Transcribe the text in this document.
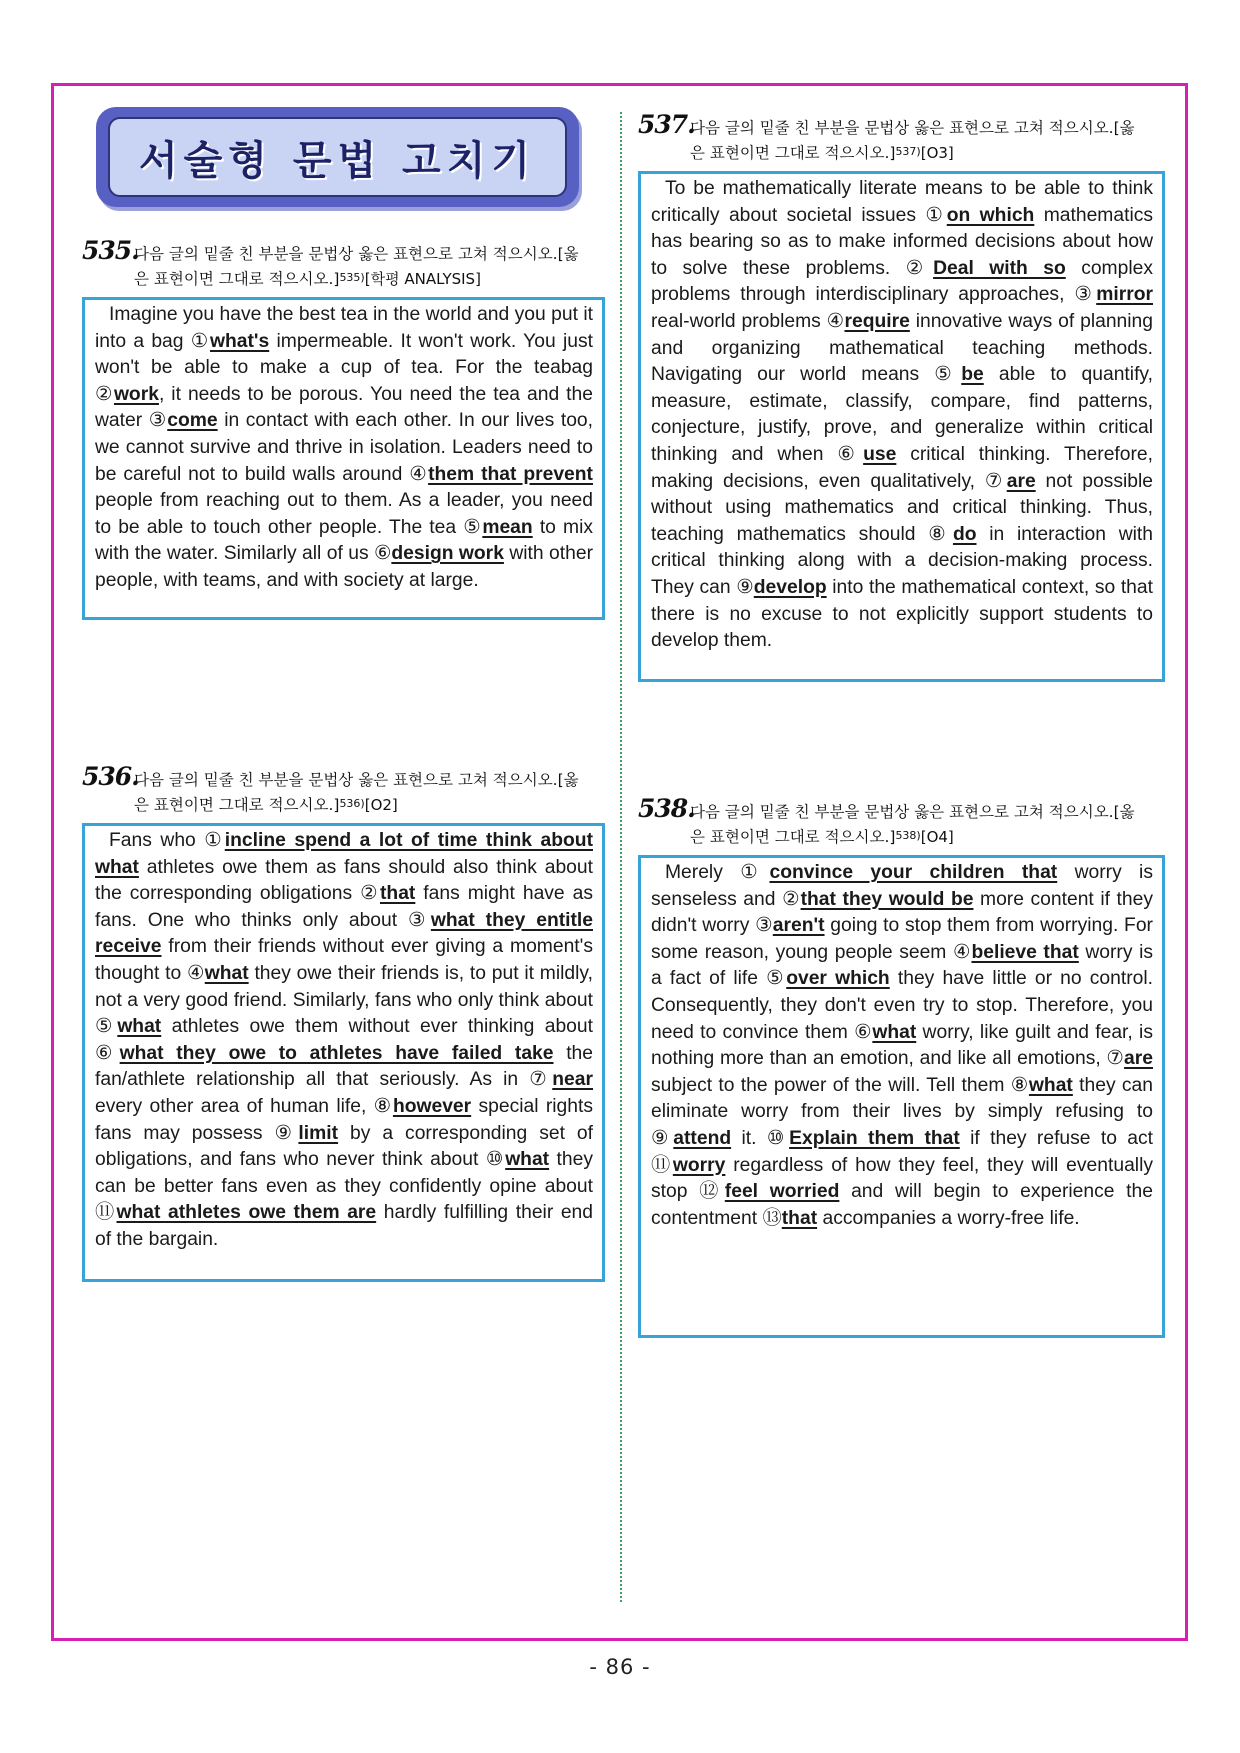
서술형 문법 고치기
535.
다음 글의 밑줄 친 부분을 문법상 옳은 표현으로 고쳐 적으시오.[옳
은 표현이면 그대로 적으시오.]$^{535)}$[학평 ANALYSIS]
Imagine you have the best tea in the world and you put it into a bag ①what's impermeable. It won't work. You just won't be able to make a cup of tea. For the teabag ②work, it needs to be porous. You need the tea and the water ③come in contact with each other. In our lives too, we cannot survive and thrive in isolation. Leaders need to be careful not to build walls around ④them that prevent people from reaching out to them. As a leader, you need to be able to touch other people. The tea ⑤mean to mix with the water. Similarly all of us ⑥design work with other people, with teams, and with society at large.
536.
다음 글의 밑줄 친 부분을 문법상 옳은 표현으로 고쳐 적으시오.[옳
은 표현이면 그대로 적으시오.]$^{536)}$[O2]
Fans who ①incline spend a lot of time think about what athletes owe them as fans should also think about the corresponding obligations ②that fans might have as fans. One who thinks only about ③what they entitle receive from their friends without ever giving a moment's thought to ④what they owe their friends is, to put it mildly, not a very good friend. Similarly, fans who only think about ⑤what athletes owe them without ever thinking about ⑥what they owe to athletes have failed take the fan/athlete relationship all that seriously. As in ⑦near every other area of human life, ⑧however special rights fans may possess ⑨limit by a corresponding set of obligations, and fans who never think about ⑩what they can be better fans even as they confidently opine about ⑪what athletes owe them are hardly fulfilling their end of the bargain.
537.
다음 글의 밑줄 친 부분을 문법상 옳은 표현으로 고쳐 적으시오.[옳
은 표현이면 그대로 적으시오.]$^{537)}$[O3]
To be mathematically literate means to be able to think critically about societal issues ①on which mathematics has bearing so as to make informed decisions about how to solve these problems. ②Deal with so complex problems through interdisciplinary approaches, ③mirror real-world problems ④require innovative ways of planning and organizing mathematical teaching methods. Navigating our world means ⑤be able to quantify, measure, estimate, classify, compare, find patterns, conjecture, justify, prove, and generalize within critical thinking and when ⑥use critical thinking. Therefore, making decisions, even qualitatively, ⑦are not possible without using mathematics and critical thinking. Thus, teaching mathematics should ⑧do in interaction with critical thinking along with a decision-making process. They can ⑨develop into the mathematical context, so that there is no excuse to not explicitly support students to develop them.
538.
다음 글의 밑줄 친 부분을 문법상 옳은 표현으로 고쳐 적으시오.[옳
은 표현이면 그대로 적으시오.]$^{538)}$[O4]
Merely ①convince your children that worry is senseless and ②that they would be more content if they didn't worry ③aren't going to stop them from worrying. For some reason, young people seem ④believe that worry is a fact of life ⑤over which they have little or no control. Consequently, they don't even try to stop. Therefore, you need to convince them ⑥what worry, like guilt and fear, is nothing more than an emotion, and like all emotions, ⑦are subject to the power of the will. Tell them ⑧what they can eliminate worry from their lives by simply refusing to ⑨attend it. ⑩Explain them that if they refuse to act ⑪worry regardless of how they feel, they will eventually stop ⑫feel worried and will begin to experience the contentment ⑬that accompanies a worry-free life.
- 86 -
